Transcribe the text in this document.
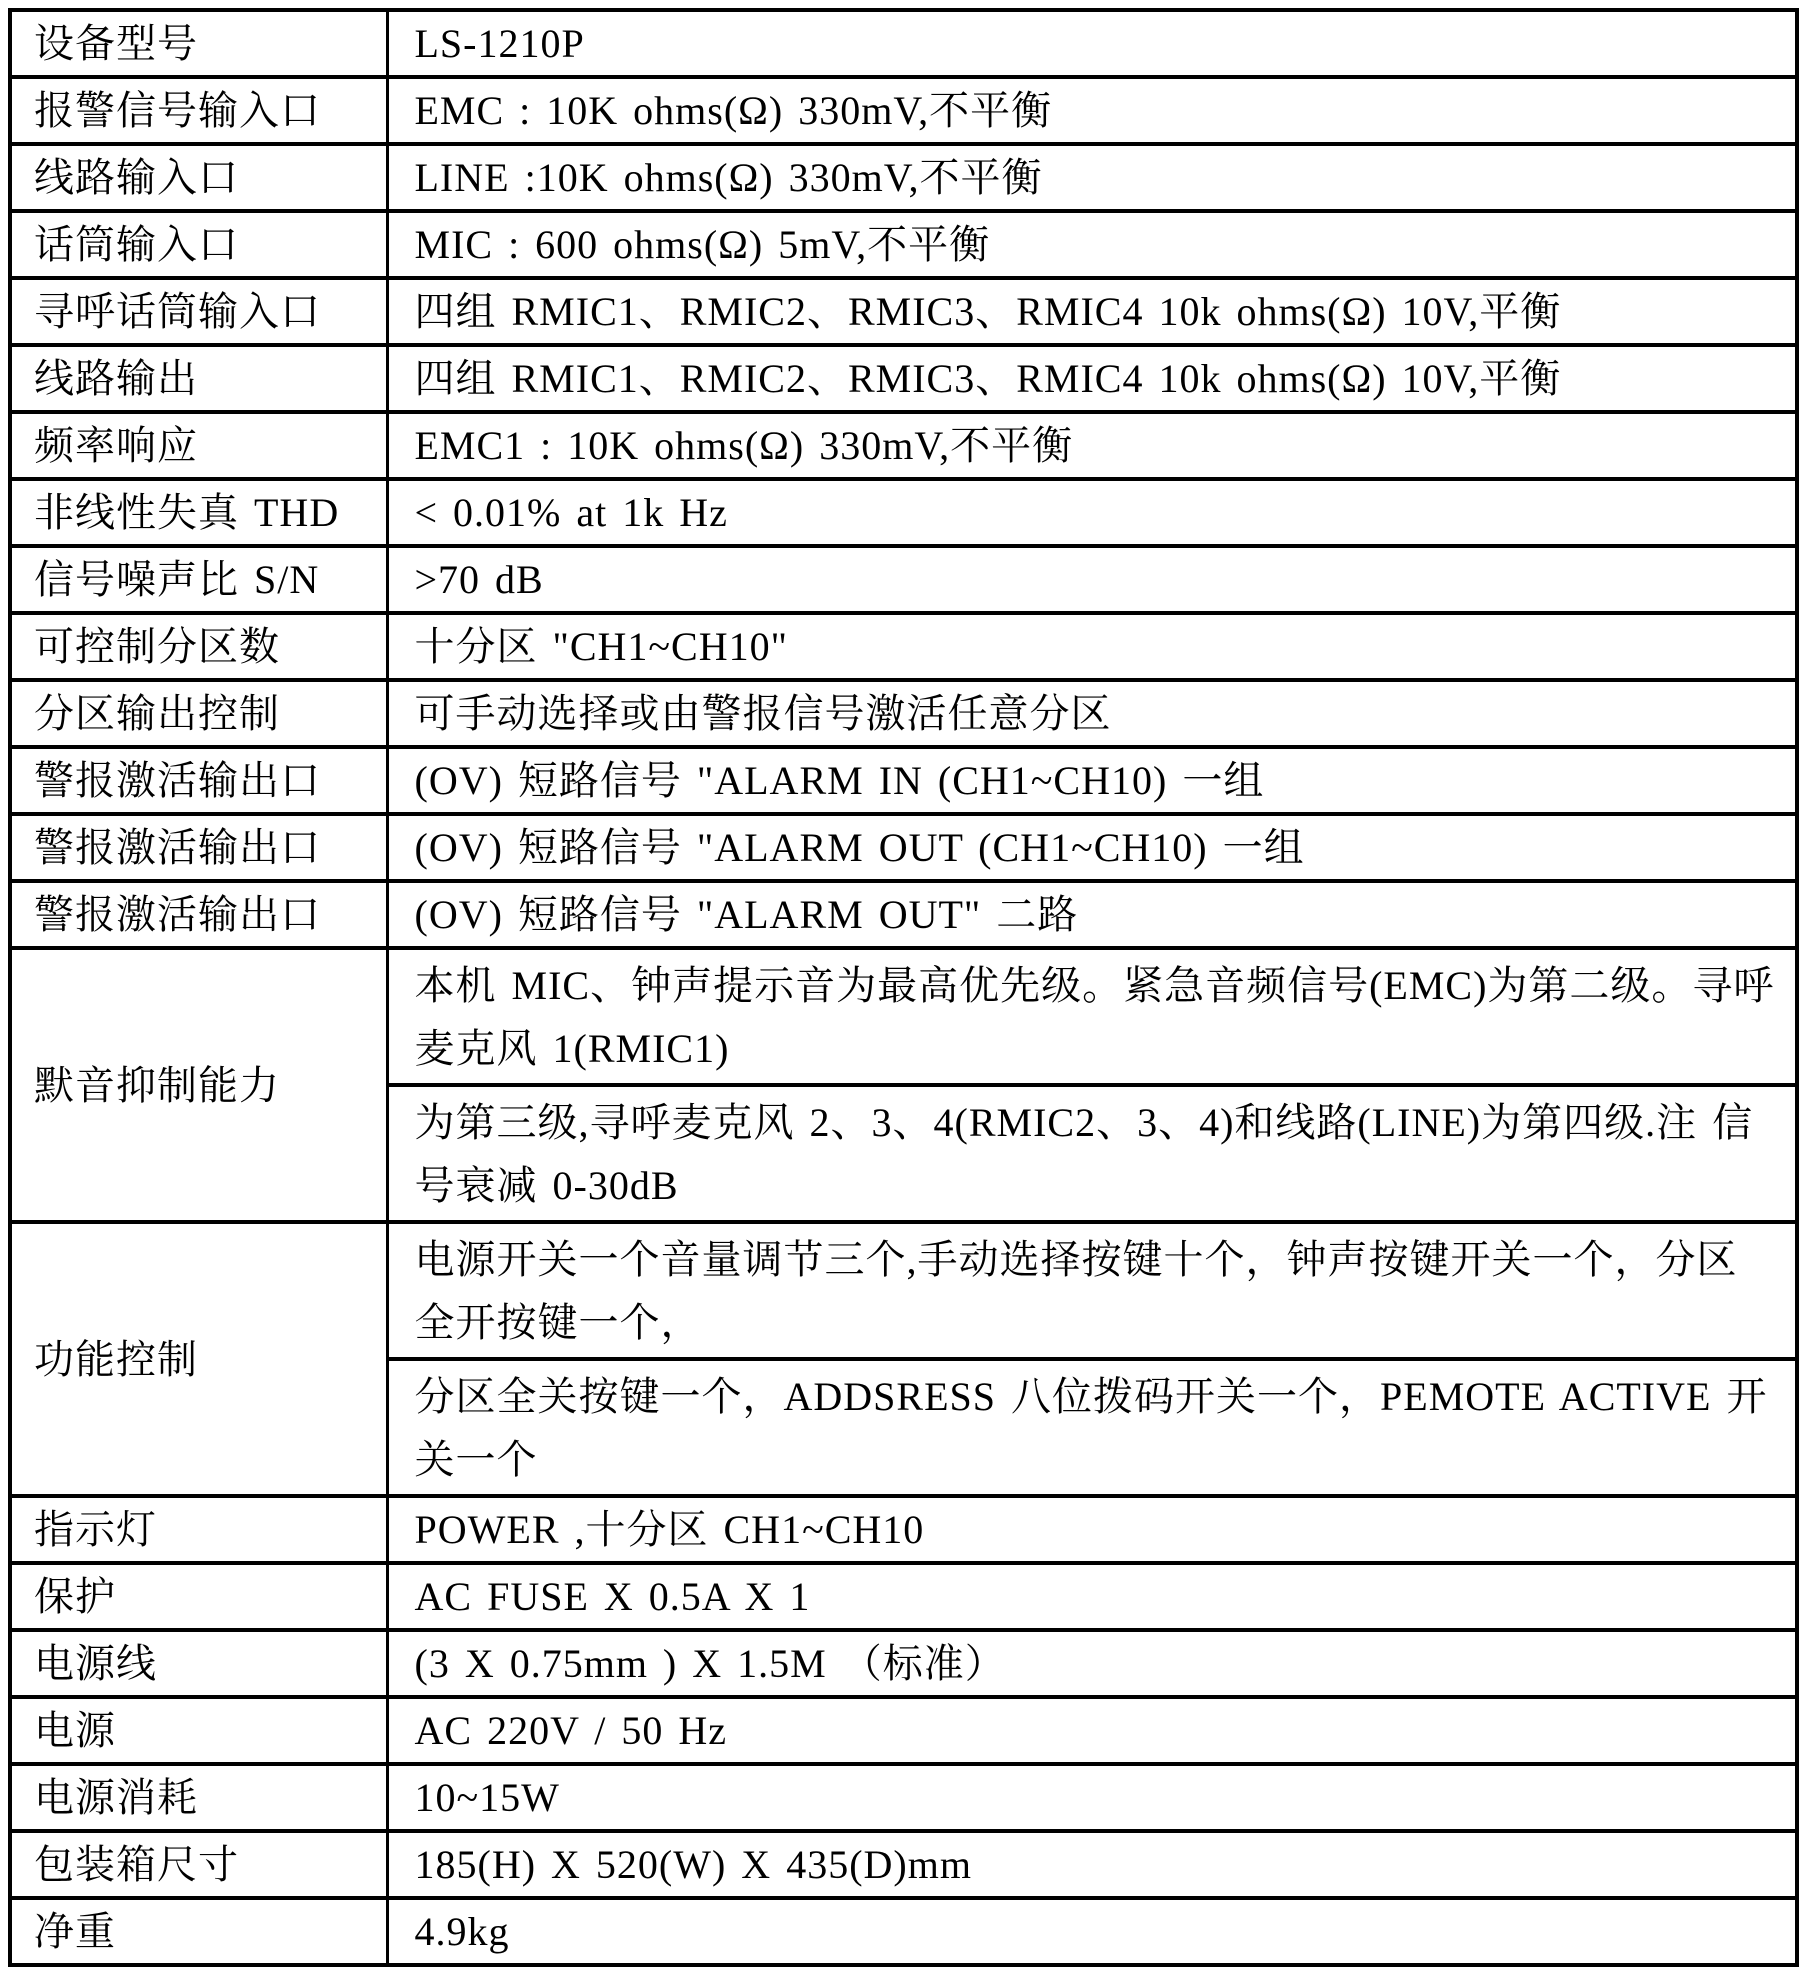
设备型号	LS-1210P
报警信号输入口	EMC : 10K ohms(Ω) 330mV,不平衡
线路输入口	LINE :10K ohms(Ω) 330mV,不平衡
话筒输入口	MIC : 600 ohms(Ω) 5mV,不平衡
寻呼话筒输入口	四组 RMIC1、RMIC2、RMIC3、RMIC4 10k ohms(Ω) 10V,平衡
线路输出	四组 RMIC1、RMIC2、RMIC3、RMIC4 10k ohms(Ω) 10V,平衡
频率响应	EMC1 : 10K ohms(Ω) 330mV,不平衡
非线性失真 THD	< 0.01% at 1k Hz
信号噪声比 S/N	>70 dB
可控制分区数	十分区 "CH1~CH10"
分区输出控制	可手动选择或由警报信号激活任意分区
警报激活输出口	(OV) 短路信号 "ALARM IN (CH1~CH10) 一组
警报激活输出口	(OV) 短路信号 "ALARM OUT (CH1~CH10) 一组
警报激活输出口	(OV) 短路信号 "ALARM OUT" 二路
默音抑制能力	本机 MIC、钟声提示音为最高优先级。紧急音频信号(EMC)为第二级。寻呼麦克风 1(RMIC1)
	为第三级,寻呼麦克风 2、3、4(RMIC2、3、4)和线路(LINE)为第四级.注 信号衰减 0-30dB
功能控制	电源开关一个音量调节三个,手动选择按键十个，钟声按键开关一个，分区全开按键一个，
	分区全关按键一个，ADDSRESS 八位拨码开关一个，PEMOTE ACTIVE 开关一个
指示灯	POWER ,十分区 CH1~CH10
保护	AC FUSE X 0.5A X 1
电源线	(3 X 0.75mm ) X 1.5M （标准）
电源	AC 220V / 50 Hz
电源消耗	10~15W
包装箱尺寸	185(H) X 520(W) X 435(D)mm
净重	4.9kg
